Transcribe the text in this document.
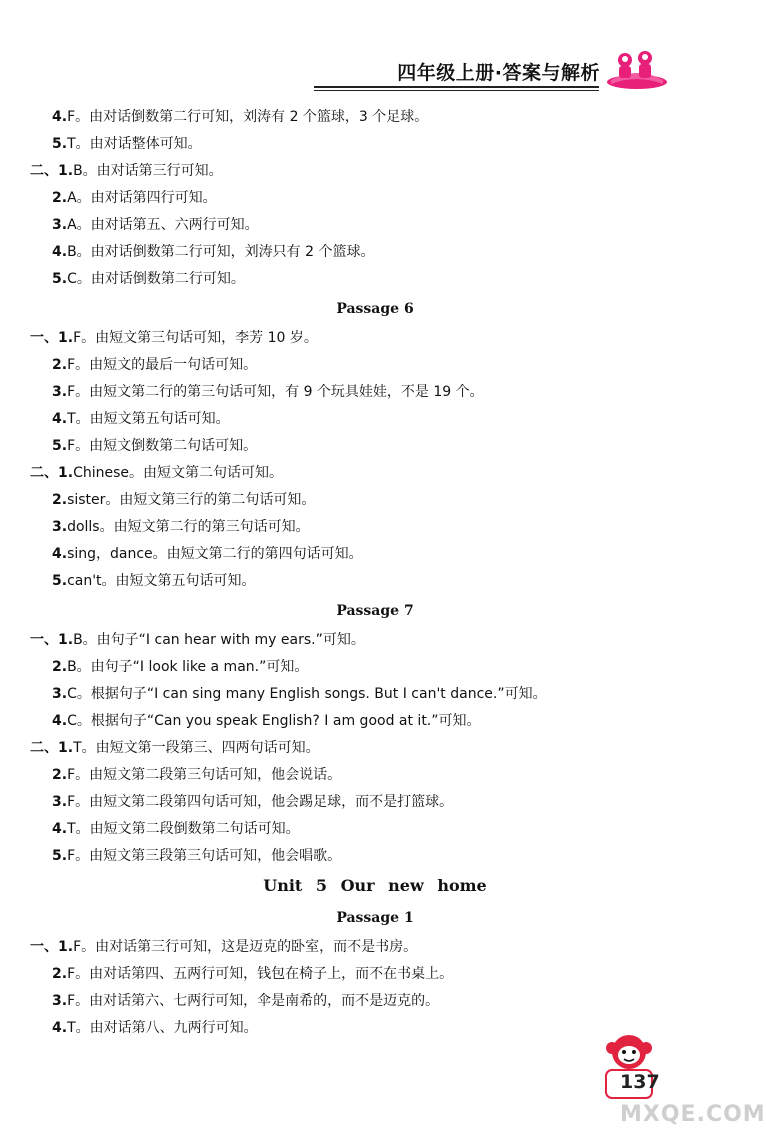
四年级上册·答案与解析
4.F。由对话倒数第二行可知，刘涛有 2 个篮球，3 个足球。
5.T。由对话整体可知。
二、1.B。由对话第三行可知。
2.A。由对话第四行可知。
3.A。由对话第五、六两行可知。
4.B。由对话倒数第二行可知，刘涛只有 2 个篮球。
5.C。由对话倒数第二行可知。
Passage 6
一、1.F。由短文第三句话可知，李芳 10 岁。
2.F。由短文的最后一句话可知。
3.F。由短文第二行的第三句话可知，有 9 个玩具娃娃，不是 19 个。
4.T。由短文第五句话可知。
5.F。由短文倒数第二句话可知。
二、1.Chinese。由短文第二句话可知。
2.sister。由短文第三行的第二句话可知。
3.dolls。由短文第二行的第三句话可知。
4.sing，dance。由短文第二行的第四句话可知。
5.can't。由短文第五句话可知。
Passage 7
一、1.B。由句子“I can hear with my ears.”可知。
2.B。由句子“I look like a man.”可知。
3.C。根据句子“I can sing many English songs. But I can't dance.”可知。
4.C。根据句子“Can you speak English? I am good at it.”可知。
二、1.T。由短文第一段第三、四两句话可知。
2.F。由短文第二段第三句话可知，他会说话。
3.F。由短文第二段第四句话可知，他会踢足球，而不是打篮球。
4.T。由短文第二段倒数第二句话可知。
5.F。由短文第三段第三句话可知，他会唱歌。
Unit 5 Our new home
Passage 1
一、1.F。由对话第三行可知，这是迈克的卧室，而不是书房。
2.F。由对话第四、五两行可知，钱包在椅子上，而不在书桌上。
3.F。由对话第六、七两行可知，伞是南希的，而不是迈克的。
4.T。由对话第八、九两行可知。
137
MXQE.COM
